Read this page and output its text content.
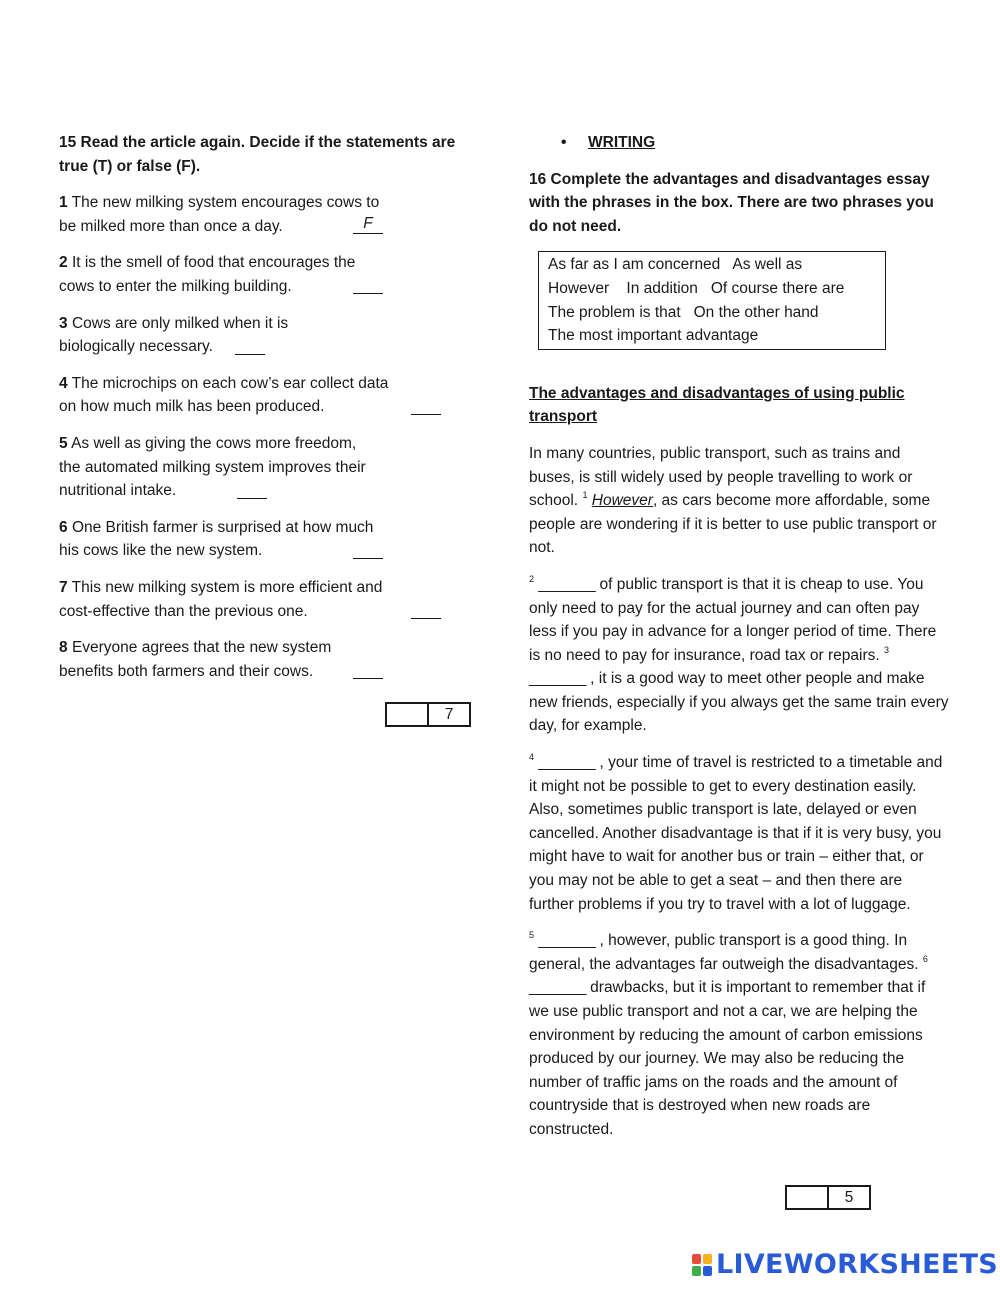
15 Read the article again. Decide if the statements are true (T) or false (F).
1 The new milking system encourages cows to be milked more than once a day.	F
2 It is the smell of food that encourages the cows to enter the milking building.
3 Cows are only milked when it is biologically necessary.
4 The microchips on each cow’s ear collect data on how much milk has been produced.
5 As well as giving the cows more freedom, the automated milking system improves their nutritional intake.
6 One British farmer is surprised at how much his cows like the new system.
7 This new milking system is more efficient and cost-effective than the previous one.
8 Everyone agrees that the new system benefits both farmers and their cows.
7
• WRITING
16 Complete the advantages and disadvantages essay with the phrases in the box. There are two phrases you do not need.
As far as I am concerned   As well as
However    In addition   Of course there are
The problem is that   On the other hand
The most important advantage
The advantages and disadvantages of using public transport
In many countries, public transport, such as trains and buses, is still widely used by people travelling to work or school. $^1$ However, as cars become more affordable, some people are wondering if it is better to use public transport or not.
$^2$ _______ of public transport is that it is cheap to use. You only need to pay for the actual journey and can often pay less if you pay in advance for a longer period of time. There is no need to pay for insurance, road tax or repairs. $^3$ _______ , it is a good way to meet other people and make new friends, especially if you always get the same train every day, for example.
$^4$ _______ , your time of travel is restricted to a timetable and it might not be possible to get to every destination easily. Also, sometimes public transport is late, delayed or even cancelled. Another disadvantage is that if it is very busy, you might have to wait for another bus or train – either that, or you may not be able to get a seat – and then there are further problems if you try to travel with a lot of luggage.
$^5$ _______ , however, public transport is a good thing. In general, the advantages far outweigh the disadvantages. $^6$ _______ drawbacks, but it is important to remember that if we use public transport and not a car, we are helping the environment by reducing the amount of carbon emissions produced by our journey. We may also be reducing the number of traffic jams on the roads and the amount of countryside that is destroyed when new roads are constructed.
5
LIVEWORKSHEETS
